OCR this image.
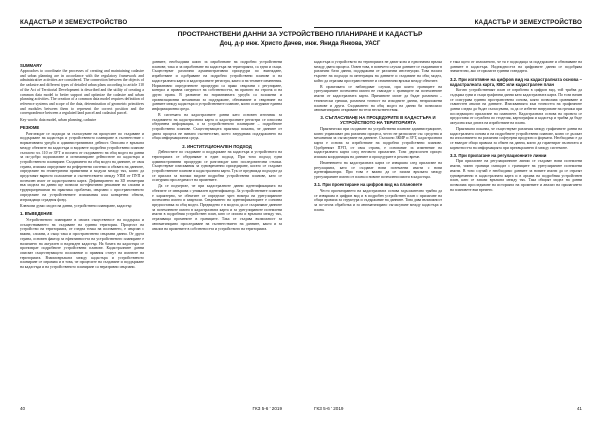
КАДАСТЪР И ЗЕМЕУСТРОЙСТВО
SUMMARY

Approaches to coordinate the processes of creating and maintaining cadastre and urban planning are in accordance with the regulatory framework and administrative activities are considered. The connection between the objects of the cadastre and different types of detailed urban plans according to article 110 of the Act of Territorial Development is described and the utility of creating a common data model to better support and optimize the cadastre and urban planning activities. The creation of a common data model requires definition of reference systems and scope of the data, determination of geometric primitives and modules between them to represent the correct position and the correspondence between a regulated land parcel and cadastral parcel.

Key words: data model, urban planning, cadastre

РЕЗЮМЕ

Разглеждат се подходи за съгласуване на процесите по създаване и поддържане на кадастъра и устройственото планиране в съответствие с нормативната уредба и административната дейност. Описана е връзката между обектите на кадастъра и видовете подробни устройствени планове съгласно чл. 110 от ЗУТ и ползата от създаването на общ модел на данни за по-добро подпомагане и оптимизиране дейностите по кадастъра и устройственото планиране. Създаването на общ модел на данните, от своя страна, изисква определяне на референтни системи и обхвата на данните, определяне на геометрични примитиви и модули между тях, които да представят вярното положение и съответствието между УПИ от ПУП и поземлен имот от кадастралната карта. Дефинирането на 3D геометрии във модела на данни ще позволи по-ефективно решаване на сложни и трудноразрешими на практика проблеми, свързани с пространственото определяне на устройствените изисквания към конкретни обекти, изграждащи сградния фонд.

Ключови думи: модел на данни, устройствено планиране, кадастър

1. ВЪВЕДЕНИЕ

Устройственото планиране в своята същественост на поддържа и осъществяването на създаване на единна територия. Процесът на устройство на територията, от гледна точка на ползването, е свързан с важни, сложни, а също така и пространствено свързани данни. От друга страна, основен фактор за ефективността на устройственото планиране е наличието на актуален и надежден кадастър. На базата на кадастъра се проектират подробните устройствени планове. Кадастралните данни описват съществуващото положение и правния статут на имотите на територията. Взаимовръзката между кадастъра и устройственото планиране се изразява и в това, че процесите на създаване и поддържане на кадастъра и на устройственото планиране са неразривно свързани.

данните, необходими както за изработване на подробни устройствени планове, така и за изработване на кадастъра на територията, са едни и същи. Съществуват различни административни процедури по въвеждане, изработване и одобряване на подробни устройствени планове и на кадастралната карта и кадастралните регистри, както и на техните изменения. Нормативно определените процедури са пряко свързани с регулиране, контрол и правна сигурност на собствеността, на правото на строеж и на други права. В развитие на нормативната уредба са заложени и организационни механизми за поддържане, обновяване и свързване на данните между кадастъра и устройствените планове, които осигуряват единна информационна среда.

В системата на кадастралните данни като основен източник за създаването на кадастралната карта и кадастралните регистри се използва обединена информация, а за устройственото планиране – подробните устройствени планове. Съществуващата практика показва, че данните от двата процеса не винаги съответстват, което затруднява поддържането на обща информационна среда.

2. ИНСТИТУЦИОНАЛЕН ПОДХОД

Дейностите по създаване и поддържане на кадастъра и устройството на територията се обединяват в един подход. При този подход едни административни процедури се разглеждат като последователни стъпки. Съществуват изисквания за едновременно процедиране, когато се създават устройствените планове и кадастралната карта. Тук се предвижда подходът да се прилага за всички видове подробни устройствени планове, като се осигурява проследимост на промените.

Да се подчертае, че при кадастралните данни идентификацията на обектите се извършва с уникален идентификатор. За устройствените планове е характерно, че обектите се определят чрез номера на урегулираните поземлени имоти и квартали. Свързването на идентификаторите е основна предпоставка за общ модел. Предвидено е в модела да се съхраняват данните за поземлените имоти в кадастралната карта и за урегулираните поземлени имоти в подробния устройствен план, като се описва и връзката между тях, отразяваща промените в границите. Така се създава възможност за автоматизирано проследяване на съответствието на данните, както и за анализ на промените в собствеността и устройството на територията.

40	ГКЗ 5-6 ' 2019
КАДАСТЪР И ЗЕМЕУСТРОЙСТВО

кадастъра и устройството на територията не дават ясна и еднозначна връзка между двата процеса. Освен това, в повечето случаи данните се съхраняват в различни бази данни, поддържани от различни институции. Това налага търсене на подходи за интеграция на данните и създаване на общ модел, който да отразява пространствените и семантични връзки между обектите.

В практиката се наблюдават случаи, при които границите на урегулираните поземлени имоти не съвпадат с границите на поземлените имоти от кадастралната карта. Причините могат да бъдат различни – технически грешки, различна точност на изходните данни, неприложени планове и други. Създаването на общ модел на данни би позволило автоматизирано откриване на тези несъответствия.

3. СЪГЛАСУВАНЕ НА ПРОЦЕДУРИТЕ В КАДАСТЪРА И УСТРОЙСТВОТО НА ТЕРИТОРИЯТА

Практически при създаване на устройствени планове администрациите, които управляват два различни процеса, често не разполагат със средства и механизми за съгласуване на данните. Съгласно ЗКИР и ЗУТ, кадастралната карта е основа за изработване на подробни устройствени планове. Одобреният ПУП, от своя страна, е основание за изменение на кадастралната карта след неговото прилагане. Този двупосочен процес изисква координация на данните и процедурите в реално време.

Изменението на кадастралната карта се извършва след прилагане на регулацията, като се създават нови поземлени имоти с нови идентификатори. При това е важно да се запази връзката между урегулираните имоти от плана и новите поземлени имоти в кадастъра.

3.1. При проектиране на цифров вид на плановете

Често проектирането на кадастралната основа задължително трябва да се извършва в цифров вид и в подробен устройствен план с прилагане на общи правила за структура и съдържание на данните. Това дава възможност за по-лесна обработка и за автоматизирано съгласуване между кадастъра и плана.

е така щото от изложеното, че тя е подходяща за поддържане и обновяване на данните в кадастъра. Надеждността на цифровите данни се подобрява значително, ако се прилагат единни стандарти.

3.2. При изготвяне на цифров вид на кадастралната основа – кадастралната карта, КВС или кадастрален план

Когато устройственият план се изработва в цифров вид, той трябва да съдържа едни и същи графични данни като кадастралната карта. По този начин се осигурява единна пространствена основа, която позволява сравняване и съвместен анализ на данните. Изискванията към точността на графичните данни следва да бъдат съгласувани, за да се избегне натрупване на грешки при последващото прилагане на плановете. Кадастралната основа на проекта се предоставя от службата по геодезия, картография и кадастър и трябва да бъде актуална към датата на изработване на плана.

Практиката показва, че съществуват различия между графичните данни на кадастралната основа и на подробните устройствени планове, които се дължат на използването на различни софтуерни продукти и формати. Необходимо е да се въведат общи правила за обмен на данни, които да гарантират пълнотата и коректността на информацията при прехвърлянето ѝ между системите.

3.3. При прилагане на регулационните линии

При прилагане на регулационните линии се създават нови поземлени имоти, чиито граници съвпадат с границите на урегулираните поземлени имоти. В този случай е необходимо данните за новите имоти да се отразят едновременно в кадастралната карта и в архива на подробния устройствен план, като се запази връзката между тях. Така общият модел на данни позволява проследяване на историята на промените и анализ на прилагането на плановете във времето.

ГКЗ 5-6 ' 2019	41
ПРОСТРАНСТВЕНИ ДАННИ ЗА УСТРОЙСТВЕНО ПЛАНИРАНЕ И КАДАСТЪР
Доц. д-р инж. Христо Дачев, инж. Янида Янкова, УАСГ
